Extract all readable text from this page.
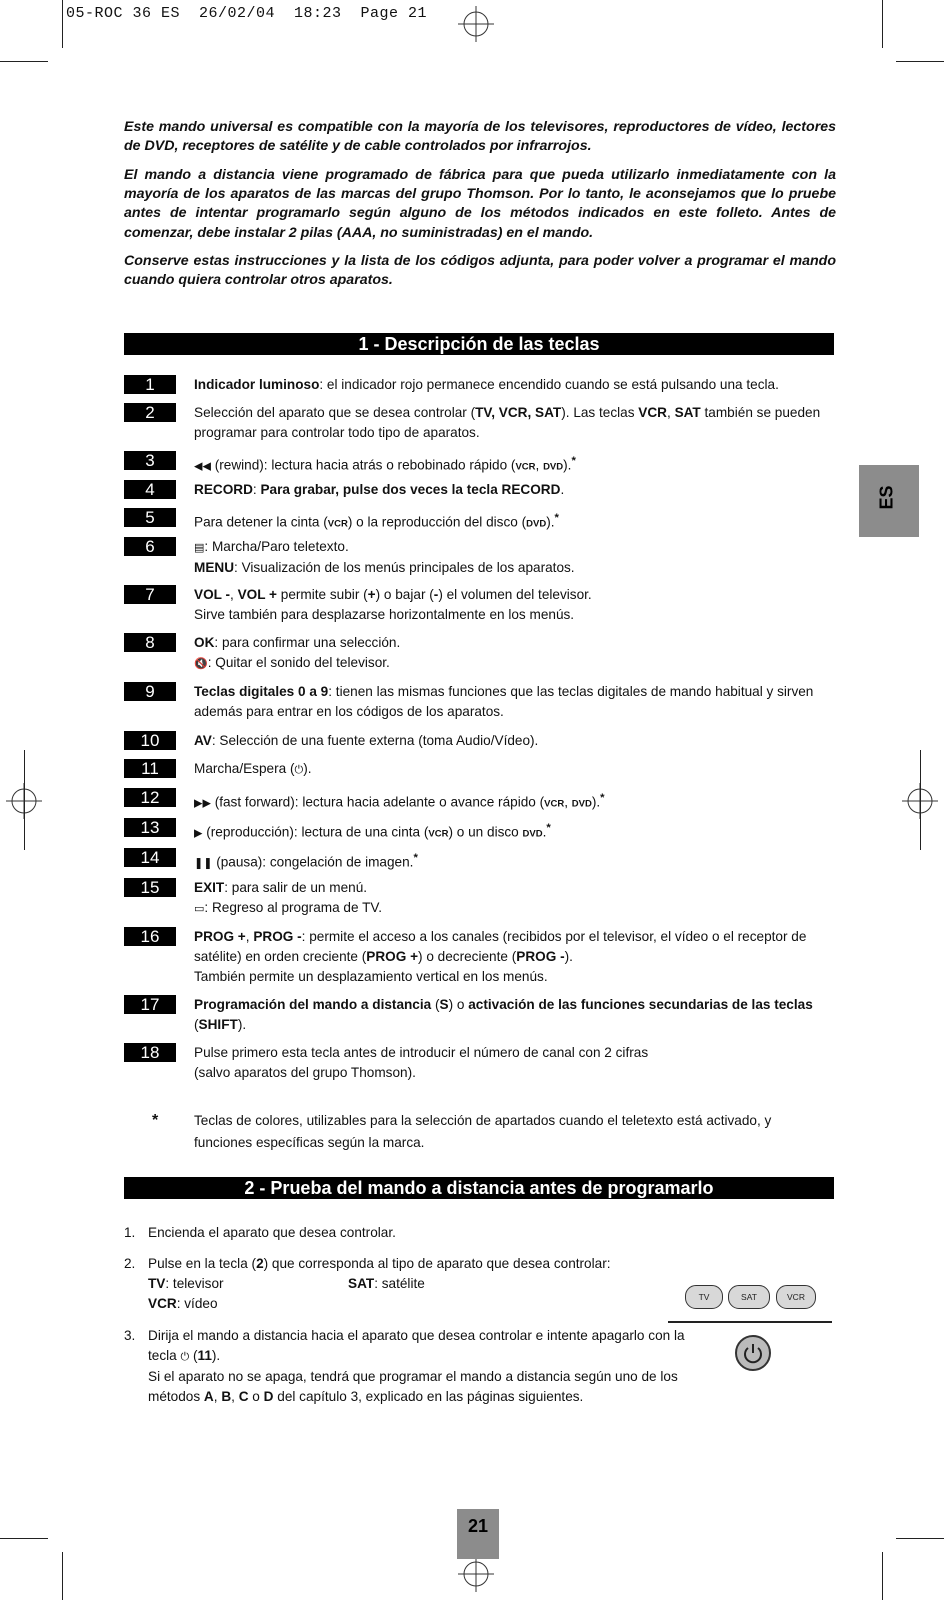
05-ROC 36 ES  26/02/04  18:23  Page 21
Este mando universal es compatible con la mayoría de los televisores, reproductores de vídeo, lectores de DVD, receptores de satélite y de cable controlados por infrarrojos.
El mando a distancia viene programado de fábrica para que pueda utilizarlo inmediatamente con la mayoría de los aparatos de las marcas del grupo Thomson. Por lo tanto, le aconsejamos que lo pruebe antes de intentar programarlo según alguno de los métodos indicados en este folleto. Antes de comenzar, debe instalar 2 pilas (AAA, no suministradas) en el mando.
Conserve estas instrucciones y la lista de los códigos adjunta, para poder volver a programar el mando cuando quiera controlar otros aparatos.
ES
1 - Descripción de las teclas
1	Indicador luminoso: el indicador rojo permanece encendido cuando se está pulsando una tecla.
2	Selección del aparato que se desea controlar (TV, VCR, SAT). Las teclas VCR, SAT también se pueden programar para controlar todo tipo de aparatos.
3	◀◀ (rewind): lectura hacia atrás o rebobinado rápido (VCR, DVD).*
4	RECORD: Para grabar, pulse dos veces la tecla RECORD.
5	Para detener la cinta (VCR) o la reproducción del disco (DVD).*
6	▤: Marcha/Paro teletexto.
MENU: Visualización de los menús principales de los aparatos.
7	VOL -, VOL + permite subir (+) o bajar (-) el volumen del televisor.
Sirve también para desplazarse horizontalmente en los menús.
8	OK: para confirmar una selección.
🔇: Quitar el sonido del televisor.
9	Teclas digitales 0 a 9: tienen las mismas funciones que las teclas digitales de mando habitual y sirven además para entrar en los códigos de los aparatos.
10	AV: Selección de una fuente externa (toma Audio/Vídeo).
11	Marcha/Espera (⏻).
12	▶▶ (fast forward): lectura hacia adelante o avance rápido (VCR, DVD).*
13	▶ (reproducción): lectura de una cinta (VCR) o un disco DVD.*
14	❚❚ (pausa): congelación de imagen.*
15	EXIT: para salir de un menú.
▭: Regreso al programa de TV.
16	PROG +, PROG -: permite el acceso a los canales (recibidos por el televisor, el vídeo o el receptor de satélite) en orden creciente (PROG +) o decreciente (PROG -).
También permite un desplazamiento vertical en los menús.
17	Programación del mando a distancia (S) o activación de las funciones secundarias de las teclas (SHIFT).
18	Pulse primero esta tecla antes de introducir el número de canal con 2 cifras
(salvo aparatos del grupo Thomson).
*	Teclas de colores, utilizables para la selección de apartados cuando el teletexto está activado, y funciones específicas según la marca.
2 - Prueba del mando a distancia antes de programarlo
1. Encienda el aparato que desea controlar.
2. Pulse en la tecla (2) que corresponda al tipo de aparato que desea controlar:
TV: televisor	SAT: satélite
VCR: vídeo
3. Dirija el mando a distancia hacia el aparato que desea controlar e intente apagarlo con la tecla ⏻ (11).
Si el aparato no se apaga, tendrá que programar el mando a distancia según uno de los métodos A, B, C o D del capítulo 3, explicado en las páginas siguientes.
TV	SAT	VCR
21
